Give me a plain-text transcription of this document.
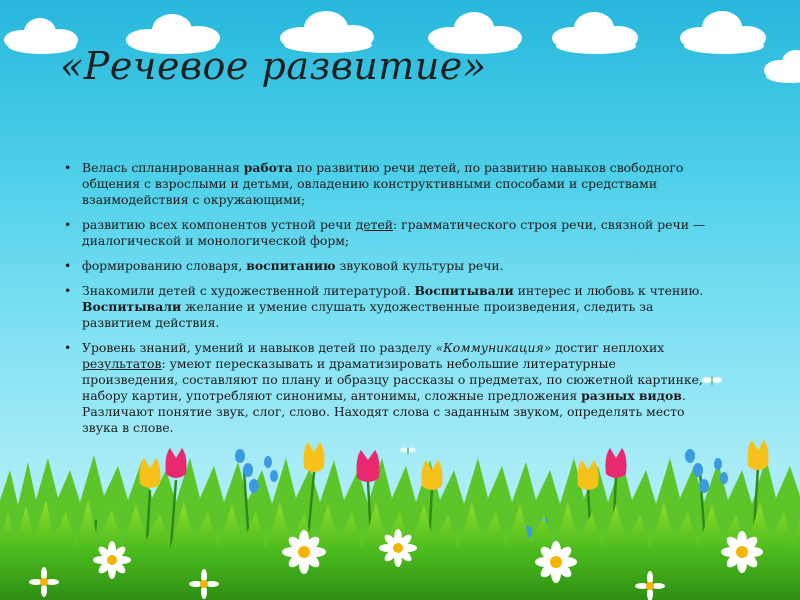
«Речевое развитие»
• Велась спланированная работа по развитию речи детей, по развитию навыков свободного общения с взрослыми и детьми, овладению конструктивными способами и средствами взаимодействия с окружающими;
• развитию всех компонентов устной речи детей: грамматического строя речи, связной речи — диалогической и монологической форм;
• формированию словаря, воспитанию звуковой культуры речи.
• Знакомили детей с художественной литературой. Воспитывали интерес и любовь к чтению. Воспитывали желание и умение слушать художественные произведения, следить за развитием действия.
• Уровень знаний, умений и навыков детей по разделу «Коммуникация» достиг неплохих результатов: умеют пересказывать и драматизировать небольшие литературные произведения, составляют по плану и образцу рассказы о предметах, по сюжетной картинке, набору картин, употребляют синонимы, антонимы, сложные предложения разных видов. Различают понятие звук, слог, слово. Находят слова с заданным звуком, определять место звука в слове.
